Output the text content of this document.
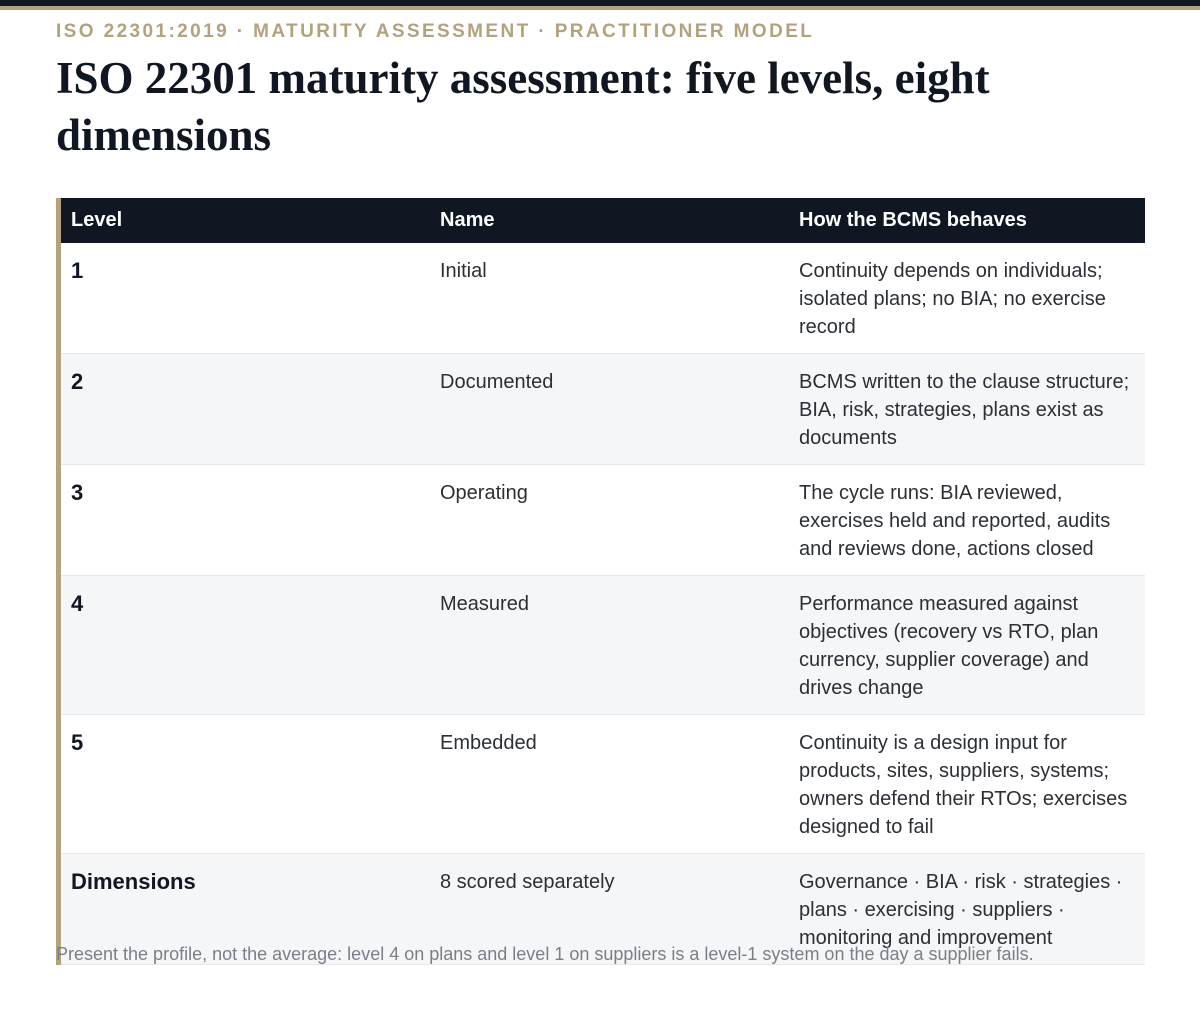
ISO 22301:2019 · MATURITY ASSESSMENT · PRACTITIONER MODEL
ISO 22301 maturity assessment: five levels, eight dimensions
Level	Name	How the BCMS behaves
1	Initial	Continuity depends on individuals; isolated plans; no BIA; no exercise record
2	Documented	BCMS written to the clause structure; BIA, risk, strategies, plans exist as documents
3	Operating	The cycle runs: BIA reviewed, exercises held and reported, audits and reviews done, actions closed
4	Measured	Performance measured against objectives (recovery vs RTO, plan currency, supplier coverage) and drives change
5	Embedded	Continuity is a design input for products, sites, suppliers, systems; owners defend their RTOs; exercises designed to fail
Dimensions	8 scored separately	Governance · BIA · risk · strategies · plans · exercising · suppliers · monitoring and improvement
Present the profile, not the average: level 4 on plans and level 1 on suppliers is a level-1 system on the day a supplier fails.
